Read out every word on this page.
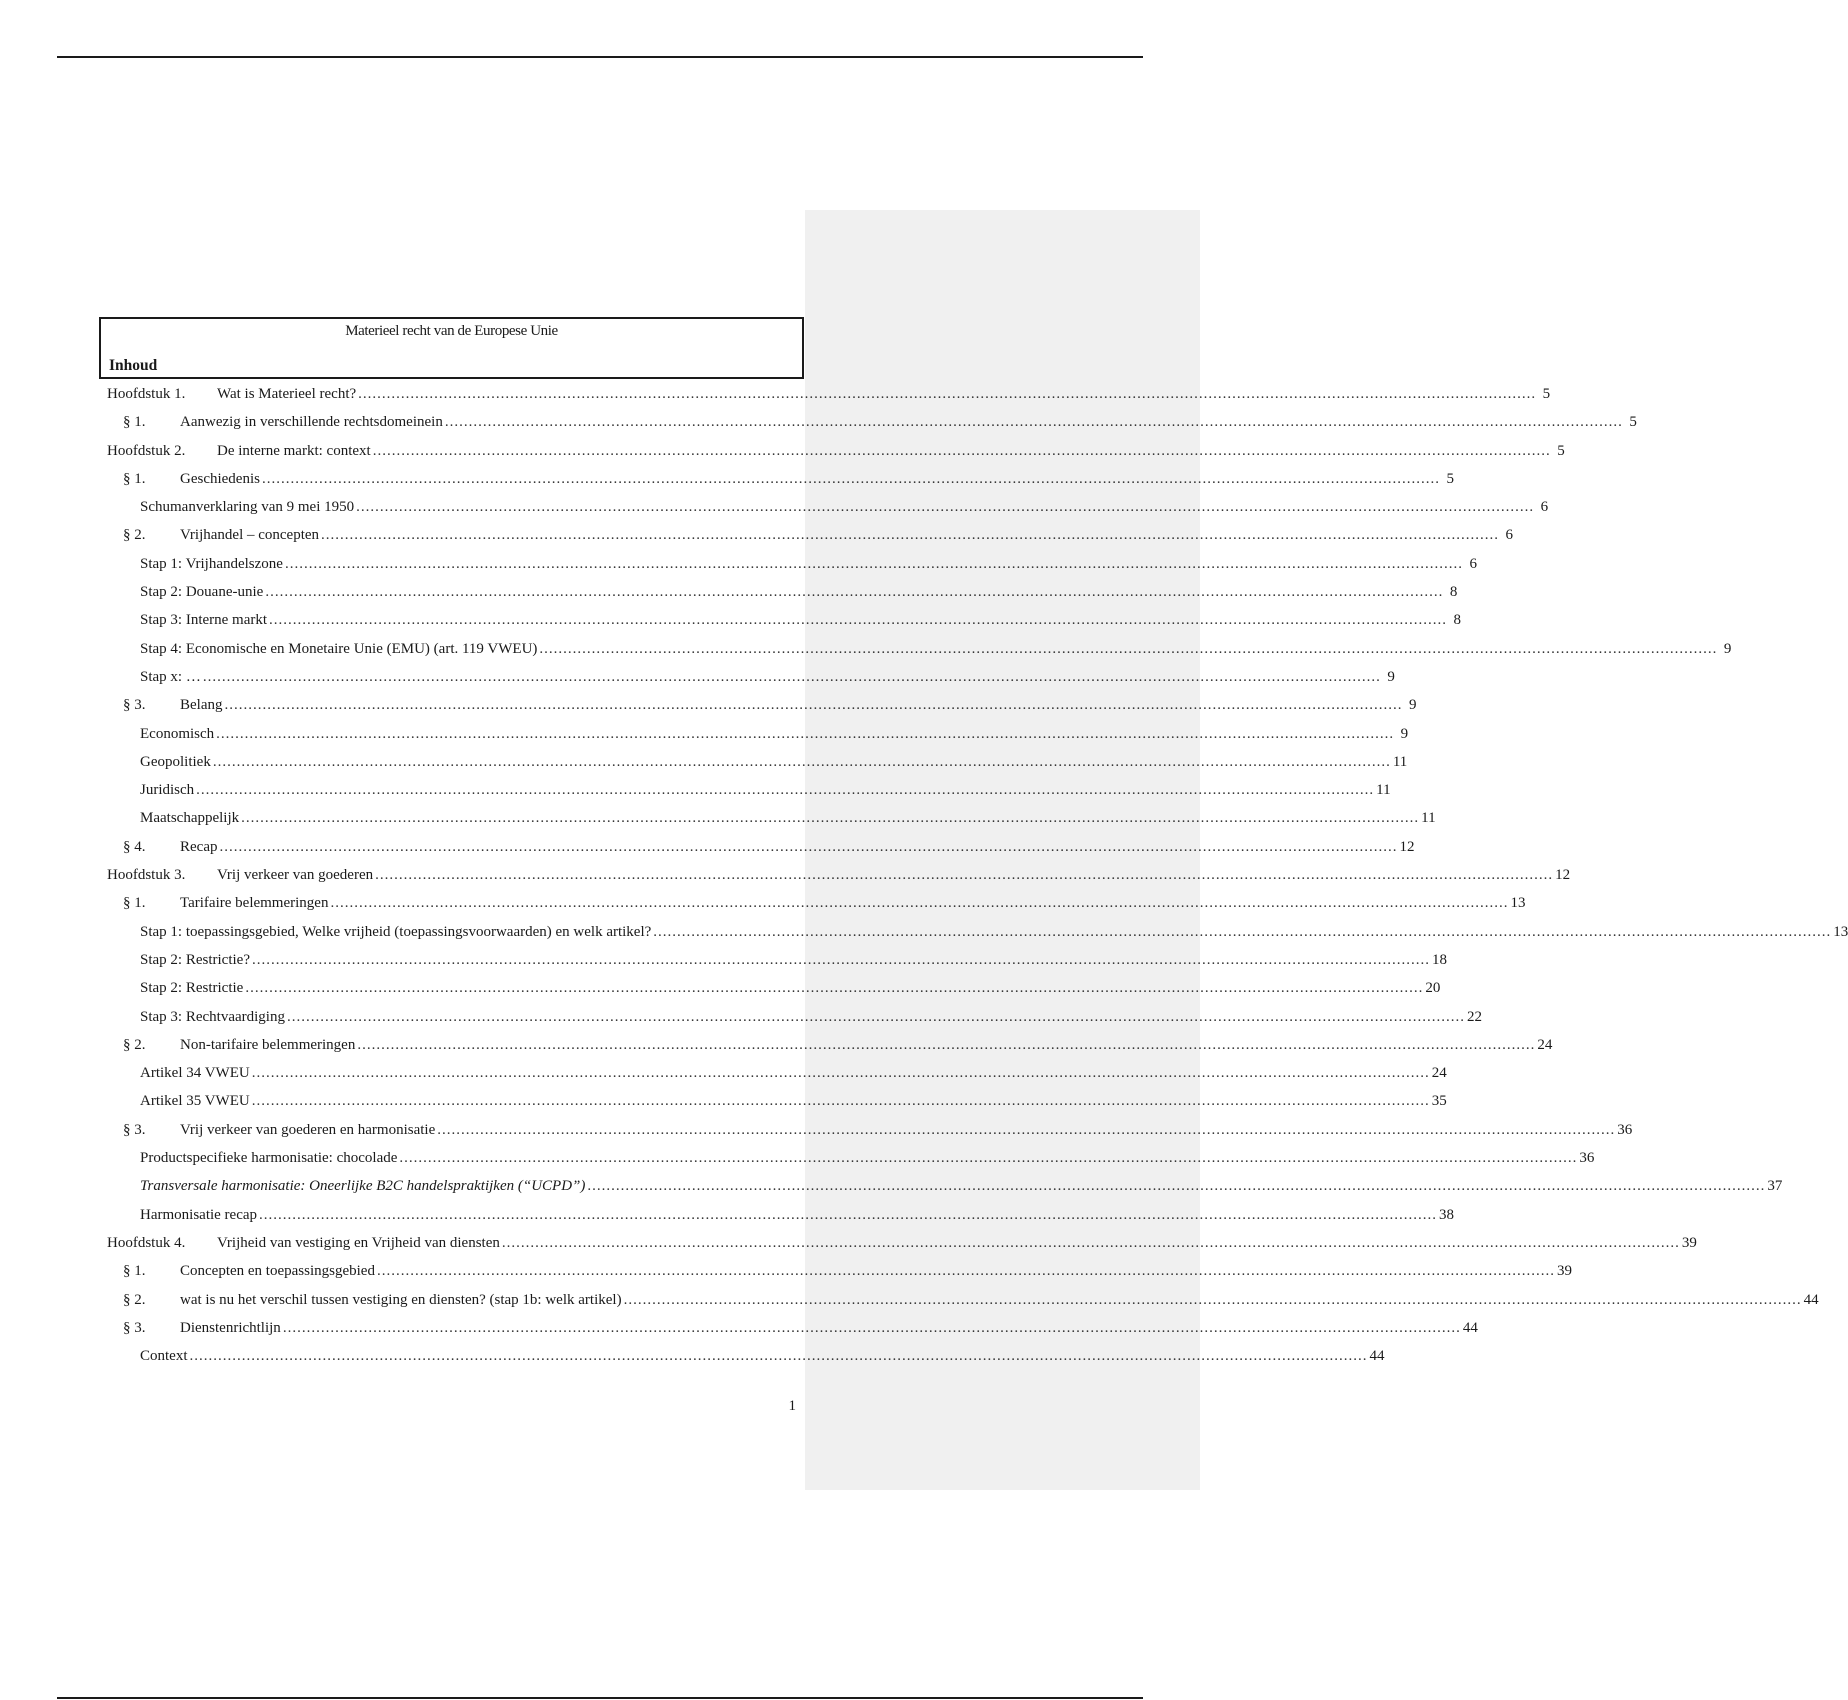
Materieel recht van de Europese Unie
Inhoud
Hoofdstuk 1.	Wat is Materieel recht? .....	5
§ 1.	Aanwezig in verschillende rechtsdomeinein .....	5
Hoofdstuk 2.	De interne markt: context .....	5
§ 1.	Geschiedenis .....	5
Schumanverklaring van 9 mei 1950 .....	6
§ 2.	Vrijhandel – concepten .....	6
Stap 1: Vrijhandelszone .....	6
Stap 2: Douane-unie .....	8
Stap 3: Interne markt .....	8
Stap 4: Economische en Monetaire Unie (EMU) (art. 119 VWEU) .....	9
Stap x: … .....	9
§ 3.	Belang .....	9
Economisch .....	9
Geopolitiek .....	11
Juridisch .....	11
Maatschappelijk .....	11
§ 4.	Recap .....	12
Hoofdstuk 3.	Vrij verkeer van goederen .....	12
§ 1.	Tarifaire belemmeringen .....	13
Stap 1: toepassingsgebied, Welke vrijheid (toepassingsvoorwaarden) en welk artikel? .....	13
Stap 2: Restrictie? .....	18
Stap 2: Restrictie .....	20
Stap 3: Rechtvaardiging .....	22
§ 2.	Non-tarifaire belemmeringen .....	24
Artikel 34 VWEU .....	24
Artikel 35 VWEU .....	35
§ 3.	Vrij verkeer van goederen en harmonisatie .....	36
Productspecifieke harmonisatie: chocolade .....	36
Transversale harmonisatie: Oneerlijke B2C handelspraktijken (“UCPD”) .....	37
Harmonisatie recap .....	38
Hoofdstuk 4.	Vrijheid van vestiging en Vrijheid van diensten .....	39
§ 1.	Concepten en toepassingsgebied .....	39
§ 2.	wat is nu het verschil tussen vestiging en diensten? (stap 1b: welk artikel) .....	44
§ 3.	Dienstenrichtlijn .....	44
Context .....	44
1
